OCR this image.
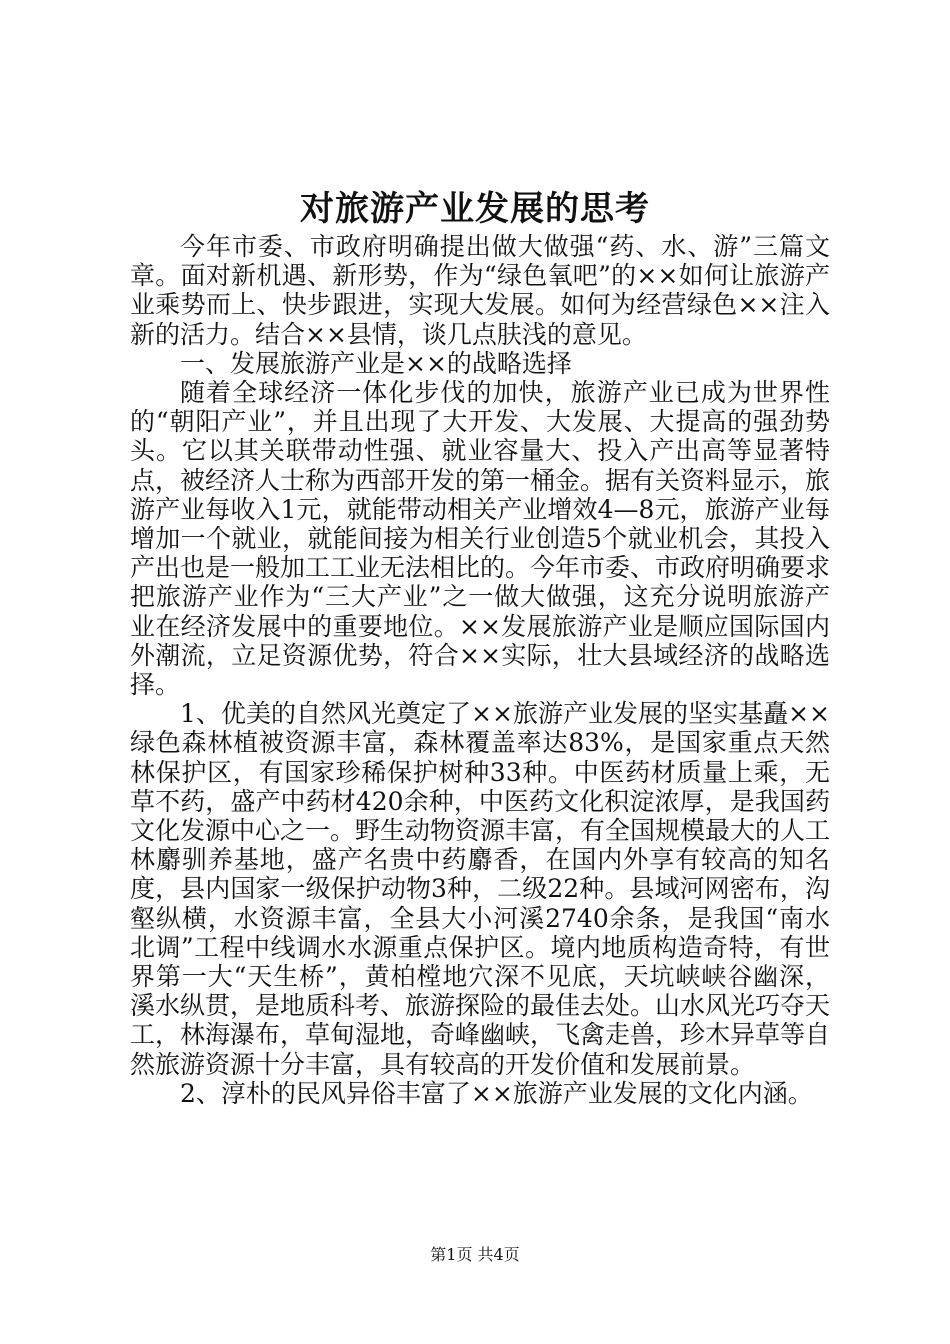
对旅游产业发展的思考

今年市委、市政府明确提出做大做强“药、水、游”三篇文章。面对新机遇、新形势，作为“绿色氧吧”的××如何让旅游产业乘势而上、快步跟进，实现大发展。如何为经营绿色××注入新的活力。结合××县情，谈几点肤浅的意见。

一、发展旅游产业是××的战略选择

随着全球经济一体化步伐的加快，旅游产业已成为世界性的“朝阳产业”，并且出现了大开发、大发展、大提高的强劲势头。它以其关联带动性强、就业容量大、投入产出高等显著特点，被经济人士称为西部开发的第一桶金。据有关资料显示，旅游产业每收入1元，就能带动相关产业增效4—8元，旅游产业每增加一个就业，就能间接为相关行业创造5个就业机会，其投入产出也是一般加工工业无法相比的。今年市委、市政府明确要求把旅游产业作为“三大产业”之一做大做强，这充分说明旅游产业在经济发展中的重要地位。××发展旅游产业是顺应国际国内外潮流，立足资源优势，符合××实际，壮大县域经济的战略选择。

1、优美的自然风光奠定了××旅游产业发展的坚实基矗××绿色森林植被资源丰富，森林覆盖率达83%，是国家重点天然林保护区，有国家珍稀保护树种33种。中医药材质量上乘，无草不药，盛产中药材420余种，中医药文化积淀浓厚，是我国药文化发源中心之一。野生动物资源丰富，有全国规模最大的人工林麝驯养基地，盛产名贵中药麝香，在国内外享有较高的知名度，县内国家一级保护动物3种，二级22种。县域河网密布，沟壑纵横，水资源丰富，全县大小河溪2740余条，是我国“南水北调”工程中线调水水源重点保护区。境内地质构造奇特，有世界第一大“天生桥”，黄柏樘地穴深不见底，天坑峡峡谷幽深，溪水纵贯，是地质科考、旅游探险的最佳去处。山水风光巧夺天工，林海瀑布，草甸湿地，奇峰幽峡，飞禽走兽，珍木异草等自然旅游资源十分丰富，具有较高的开发价值和发展前景。

2、淳朴的民风异俗丰富了××旅游产业发展的文化内涵。

第1页 共4页
